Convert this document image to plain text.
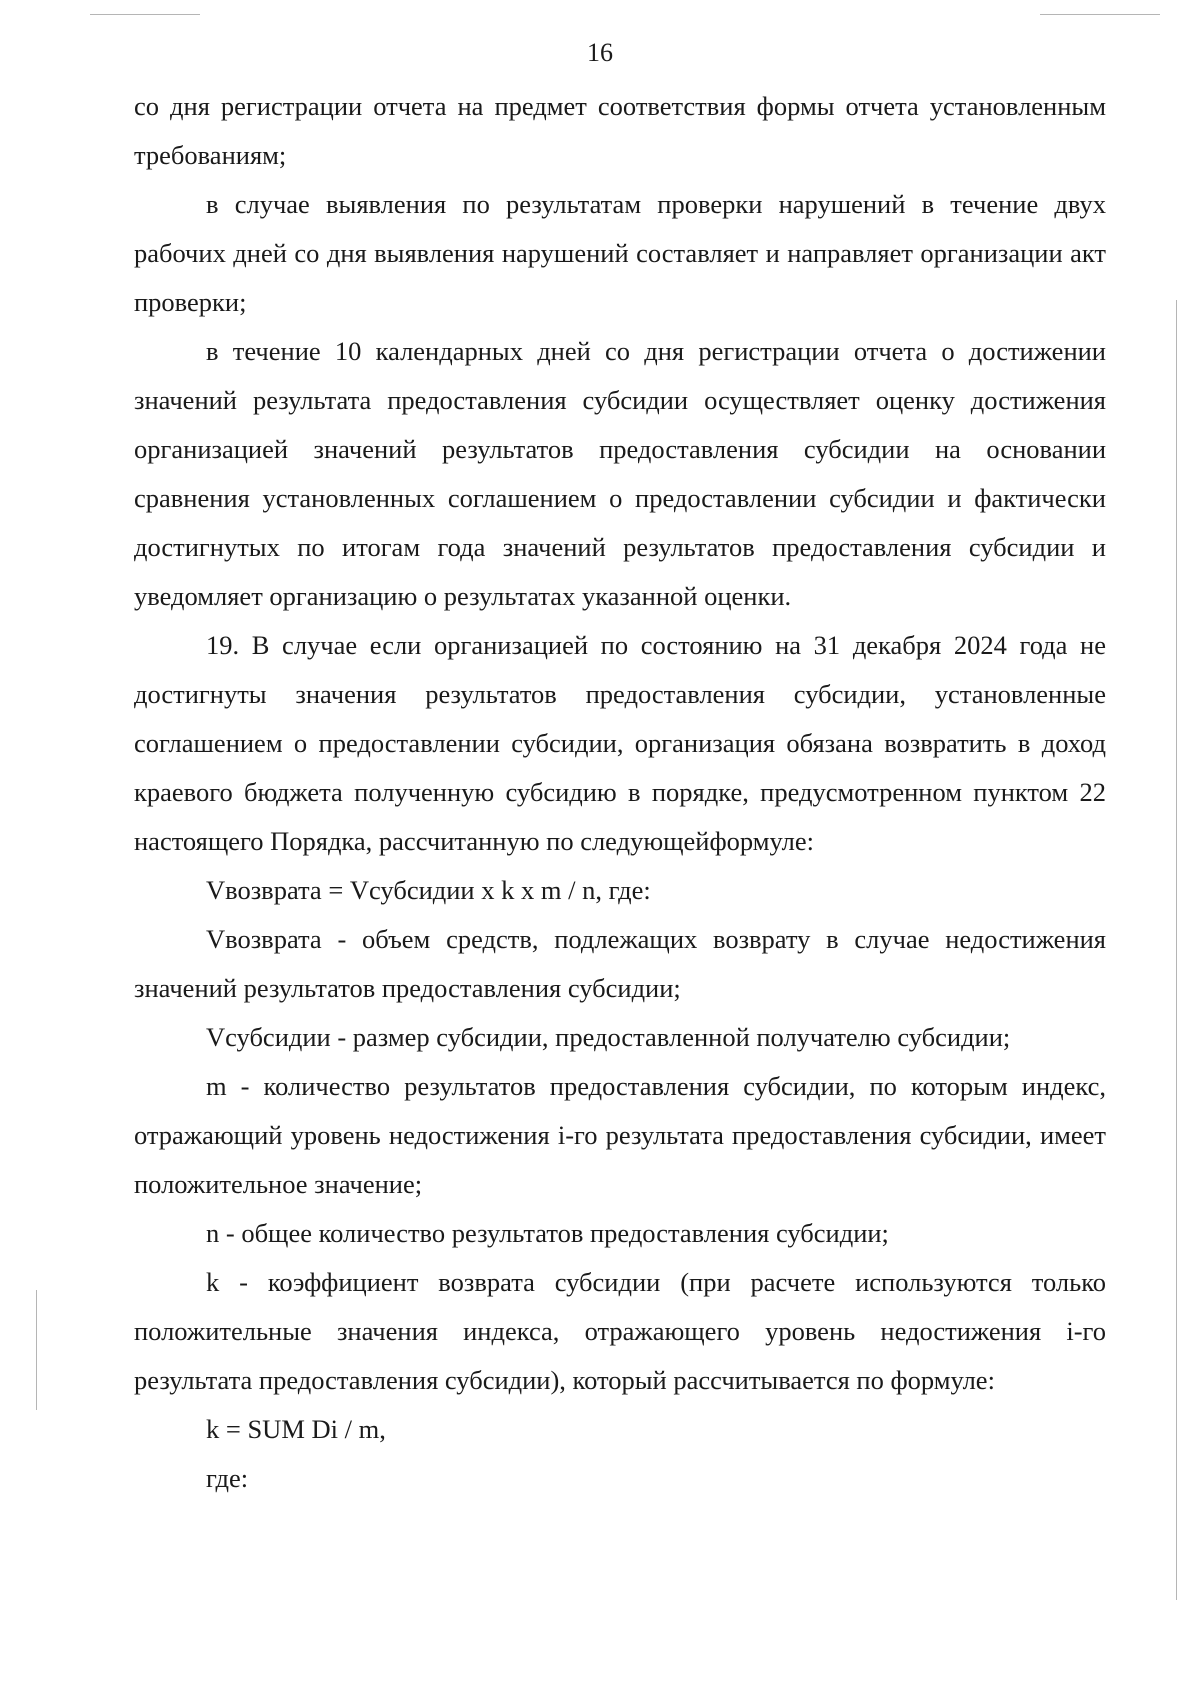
16

со дня регистрации отчета на предмет соответствия формы отчета установленным требованиям;

в случае выявления по результатам проверки нарушений в течение двух рабочих дней со дня выявления нарушений составляет и направляет организации акт проверки;

в течение 10 календарных дней со дня регистрации отчета о достижении значений результата предоставления субсидии осуществляет оценку достижения организацией значений результатов предоставления субсидии на основании сравнения установленных соглашением о предоставлении субсидии и фактически достигнутых по итогам года значений результатов предоставления субсидии и уведомляет организацию о результатах указанной оценки.

19. В случае если организацией по состоянию на 31 декабря 2024 года не достигнуты значения результатов предоставления субсидии, установленные соглашением о предоставлении субсидии, организация обязана возвратить в доход краевого бюджета полученную субсидию в порядке, предусмотренном пунктом 22 настоящего Порядка, рассчитанную по следующейформуле:

Vвозврата = Vсубсидии x k x m / n, где:

Vвозврата - объем средств, подлежащих возврату в случае недостижения значений результатов предоставления субсидии;

Vсубсидии - размер субсидии, предоставленной получателю субсидии;

m - количество результатов предоставления субсидии, по которым индекс, отражающий уровень недостижения i-го результата предоставления субсидии, имеет положительное значение;

n - общее количество результатов предоставления субсидии;

k - коэффициент возврата субсидии (при расчете используются только положительные значения индекса, отражающего уровень недостижения i-го результата предоставления субсидии), который рассчитывается по формуле:

k = SUM Di / m,

где:
